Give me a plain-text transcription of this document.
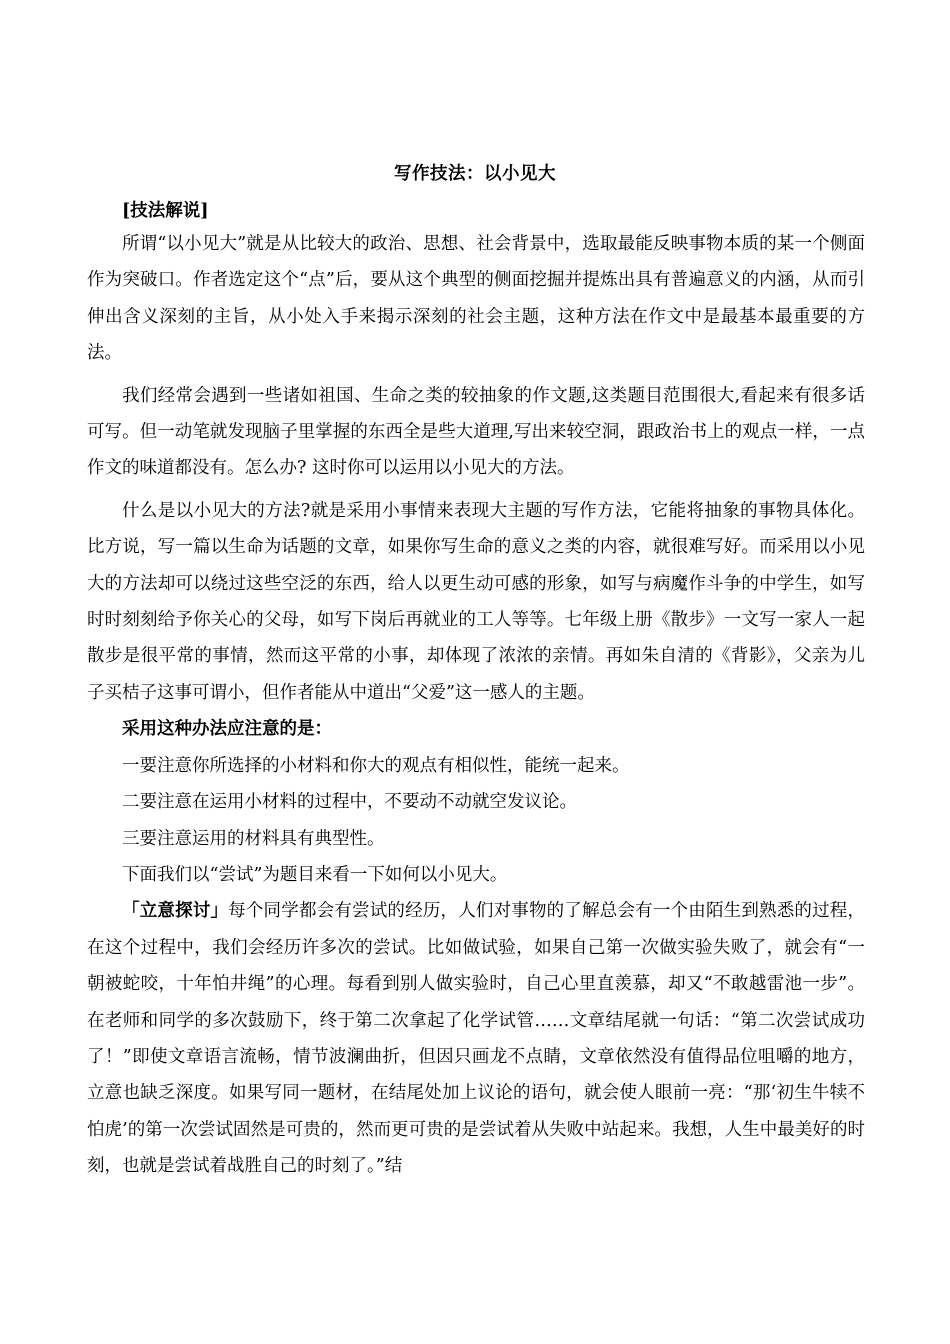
写作技法：以小见大

[技法解说]

所谓“以小见大”就是从比较大的政治、思想、社会背景中，选取最能反映事物本质的某一个侧面作为突破口。作者选定这个“点”后，要从这个典型的侧面挖掘并提炼出具有普遍意义的内涵，从而引伸出含义深刻的主旨，从小处入手来揭示深刻的社会主题，这种方法在作文中是最基本最重要的方法。

我们经常会遇到一些诸如祖国、生命之类的较抽象的作文题,这类题目范围很大,看起来有很多话可写。但一动笔就发现脑子里掌握的东西全是些大道理,写出来较空洞，跟政治书上的观点一样，一点作文的味道都没有。怎么办? 这时你可以运用以小见大的方法。

什么是以小见大的方法?就是采用小事情来表现大主题的写作方法，它能将抽象的事物具体化。比方说，写一篇以生命为话题的文章，如果你写生命的意义之类的内容，就很难写好。而采用以小见大的方法却可以绕过这些空泛的东西，给人以更生动可感的形象，如写与病魔作斗争的中学生，如写时时刻刻给予你关心的父母，如写下岗后再就业的工人等等。七年级上册《散步》一文写一家人一起散步是很平常的事情，然而这平常的小事，却体现了浓浓的亲情。再如朱自清的《背影》，父亲为儿子买桔子这事可谓小，但作者能从中道出“父爱”这一感人的主题。

采用这种办法应注意的是：

一要注意你所选择的小材料和你大的观点有相似性，能统一起来。

二要注意在运用小材料的过程中，不要动不动就空发议论。

三要注意运用的材料具有典型性。

下面我们以“尝试”为题目来看一下如何以小见大。

「立意探讨」每个同学都会有尝试的经历，人们对事物的了解总会有一个由陌生到熟悉的过程，在这个过程中，我们会经历许多次的尝试。比如做试验，如果自己第一次做实验失败了，就会有“一朝被蛇咬，十年怕井绳”的心理。每看到别人做实验时，自己心里直羡慕，却又“不敢越雷池一步”。在老师和同学的多次鼓励下，终于第二次拿起了化学试管……文章结尾就一句话：“第二次尝试成功了！”即使文章语言流畅，情节波澜曲折，但因只画龙不点睛，文章依然没有值得品位咀嚼的地方，立意也缺乏深度。如果写同一题材，在结尾处加上议论的语句，就会使人眼前一亮：“那‘初生牛犊不怕虎’的第一次尝试固然是可贵的，然而更可贵的是尝试着从失败中站起来。我想，人生中最美好的时刻，也就是尝试着战胜自己的时刻了。”结
